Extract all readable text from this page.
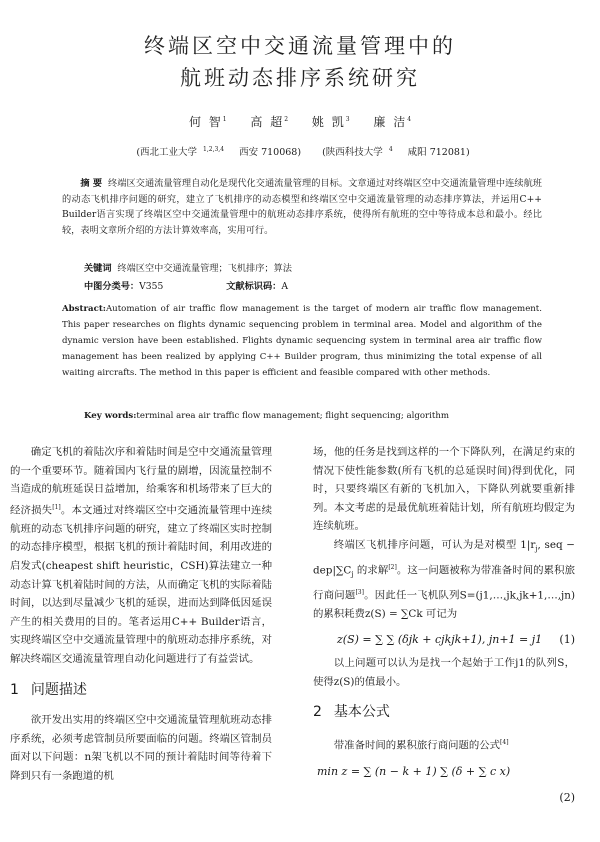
终端区空中交通流量管理中的
航班动态排序系统研究
何 智$^1$ 高 超$^2$ 姚 凯$^3$ 廉 洁$^4$
(西北工业大学 $^{1,2,3,4}$ 西安 710068) (陕西科技大学 $^4$ 咸阳 712081)
摘 要 终端区交通流量管理自动化是现代化交通流量管理的目标。文章通过对终端区空中交通流量管理中连续航班的动态飞机排序问题的研究，建立了飞机排序的动态模型和终端区空中交通流量管理的动态排序算法，并运用C++ Builder语言实现了终端区空中交通流量管理中的航班动态排序系统，使得所有航班的空中等待成本总和最小。经比较，表明文章所介绍的方法计算效率高，实用可行。
关键词 终端区空中交通流量管理；飞机排序；算法
中图分类号：V355	文献标识码：A
Abstract:Automation of air traffic flow management is the target of modern air traffic flow management. This paper researches on flights dynamic sequencing problem in terminal area. Model and algorithm of the dynamic version have been established. Flights dynamic sequencing system in terminal area air traffic flow management has been realized by applying C++ Builder program, thus minimizing the total expense of all waiting aircrafts. The method in this paper is efficient and feasible compared with other methods.
Key words:terminal area air traffic flow management; flight sequencing; algorithm

确定飞机的着陆次序和着陆时间是空中交通流量管理的一个重要环节。随着国内飞行量的剧增，因流量控制不当造成的航班延误日益增加，给乘客和机场带来了巨大的经济损失[1]。本文通过对终端区空中交通流量管理中连续航班的动态飞机排序问题的研究，建立了终端区实时控制的动态排序模型，根据飞机的预计着陆时间，利用改进的启发式(cheapest shift heuristic，CSH)算法建立一种动态计算飞机着陆时间的方法，从而确定飞机的实际着陆时间，以达到尽量减少飞机的延误，进而达到降低因延误产生的相关费用的目的。笔者运用C++ Builder语言，实现终端区空中交通流量管理中的航班动态排序系统，对解决终端区交通流量管理自动化问题进行了有益尝试。

1 问题描述

欲开发出实用的终端区空中交通流量管理航班动态排序系统，必须考虑管制员所要面临的问题。终端区管制员面对以下问题：n架飞机以不同的预计着陆时间等待着下降到只有一条跑道的机

场，他的任务是找到这样的一个下降队列，在满足约束的情况下使性能参数(所有飞机的总延误时间)得到优化，同时，只要终端区有新的飞机加入，下降队列就要重新排列。本文考虑的是最优航班着陆计划，所有航班均假定为连续航班。

终端区飞机排序问题，可认为是对模型 $1|r_j$, seq − $dep|\sum C_j$ 的求解[2]。这一问题被称为带准备时间的累积旅行商问题[3]。因此任一飞机队列S=(j1,…,jk,jk+1,…,jn)的累积耗费z(S) = ∑Ck 可记为

z(S) = ∑ ∑ (δjk + cjkjk+1), jn+1 = j1 (1)

以上问题可以认为是找一个起始于工作j1的队列S，使得z(S)的值最小。

2 基本公式

带准备时间的累积旅行商问题的公式[4]

min z = ∑ (n − k + 1) ∑ (δ + ∑ c x)
(2)
